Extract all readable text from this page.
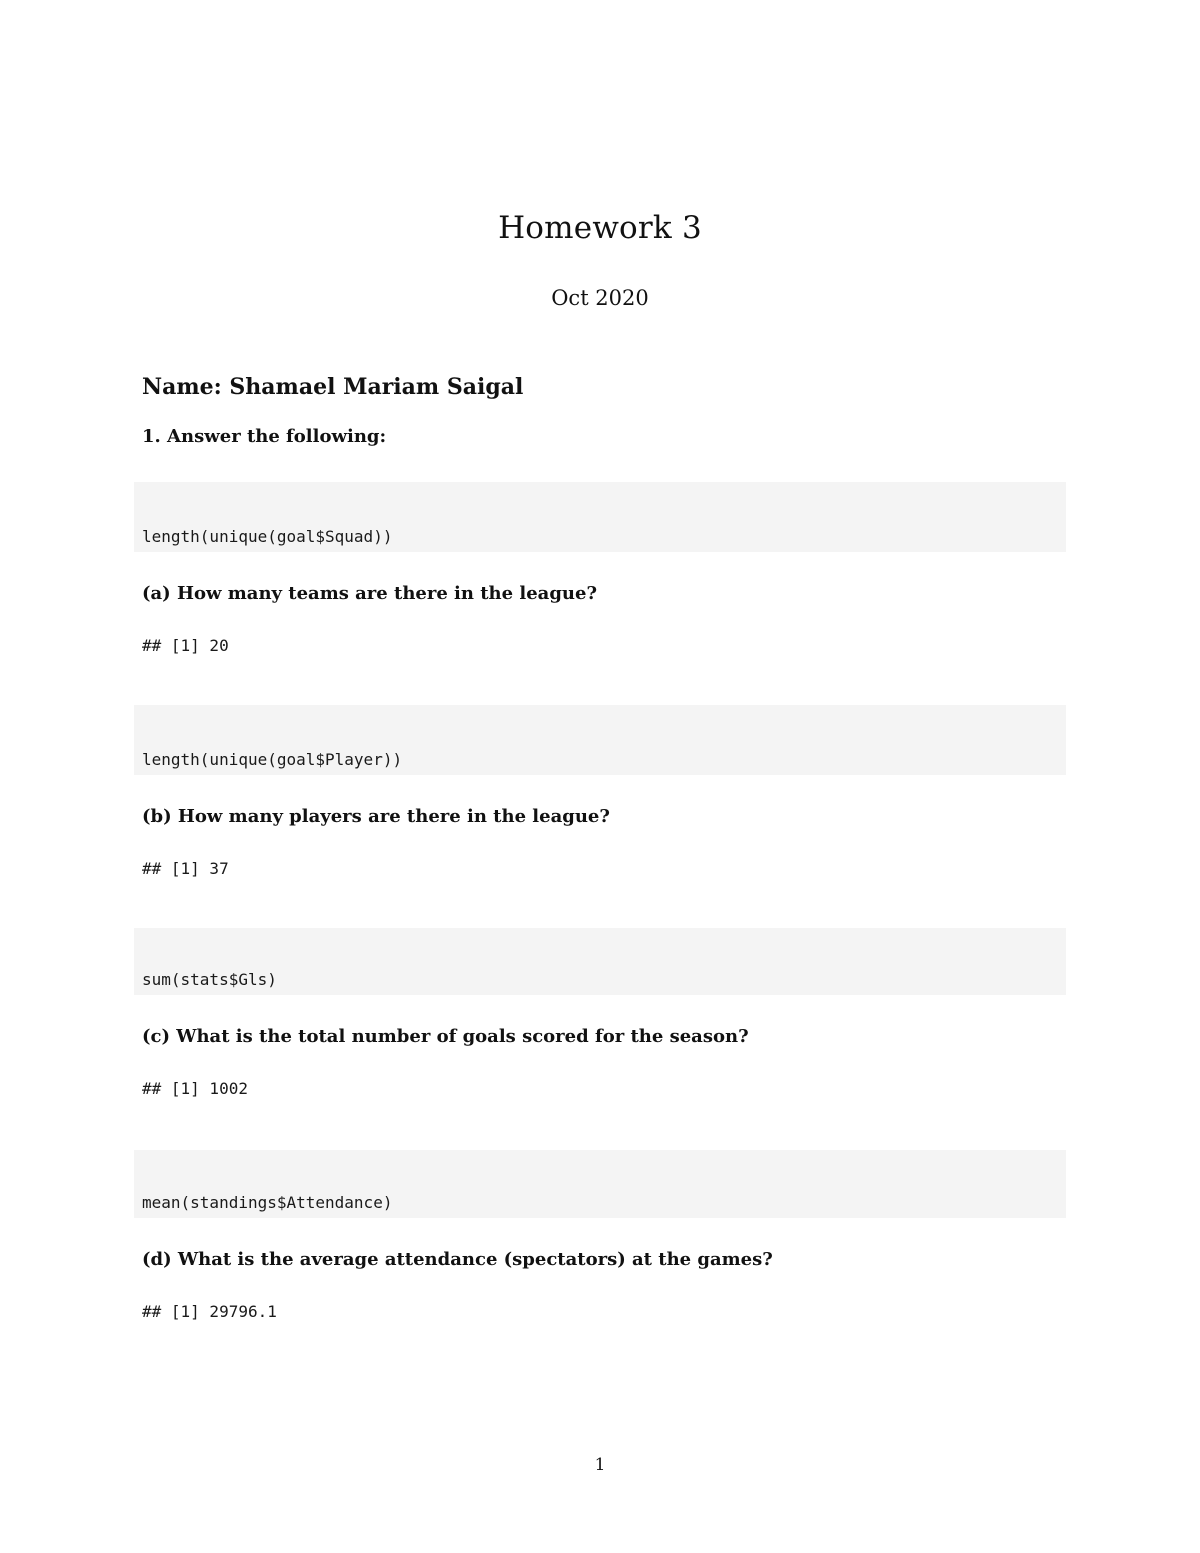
Homework 3
Oct 2020
Name: Shamael Mariam Saigal
1. Answer the following:
length(unique(goal$Squad))
(a) How many teams are there in the league?
## [1] 20
length(unique(goal$Player))
(b) How many players are there in the league?
## [1] 37
sum(stats$Gls)
(c) What is the total number of goals scored for the season?
## [1] 1002
mean(standings$Attendance)
(d) What is the average attendance (spectators) at the games?
## [1] 29796.1
1
